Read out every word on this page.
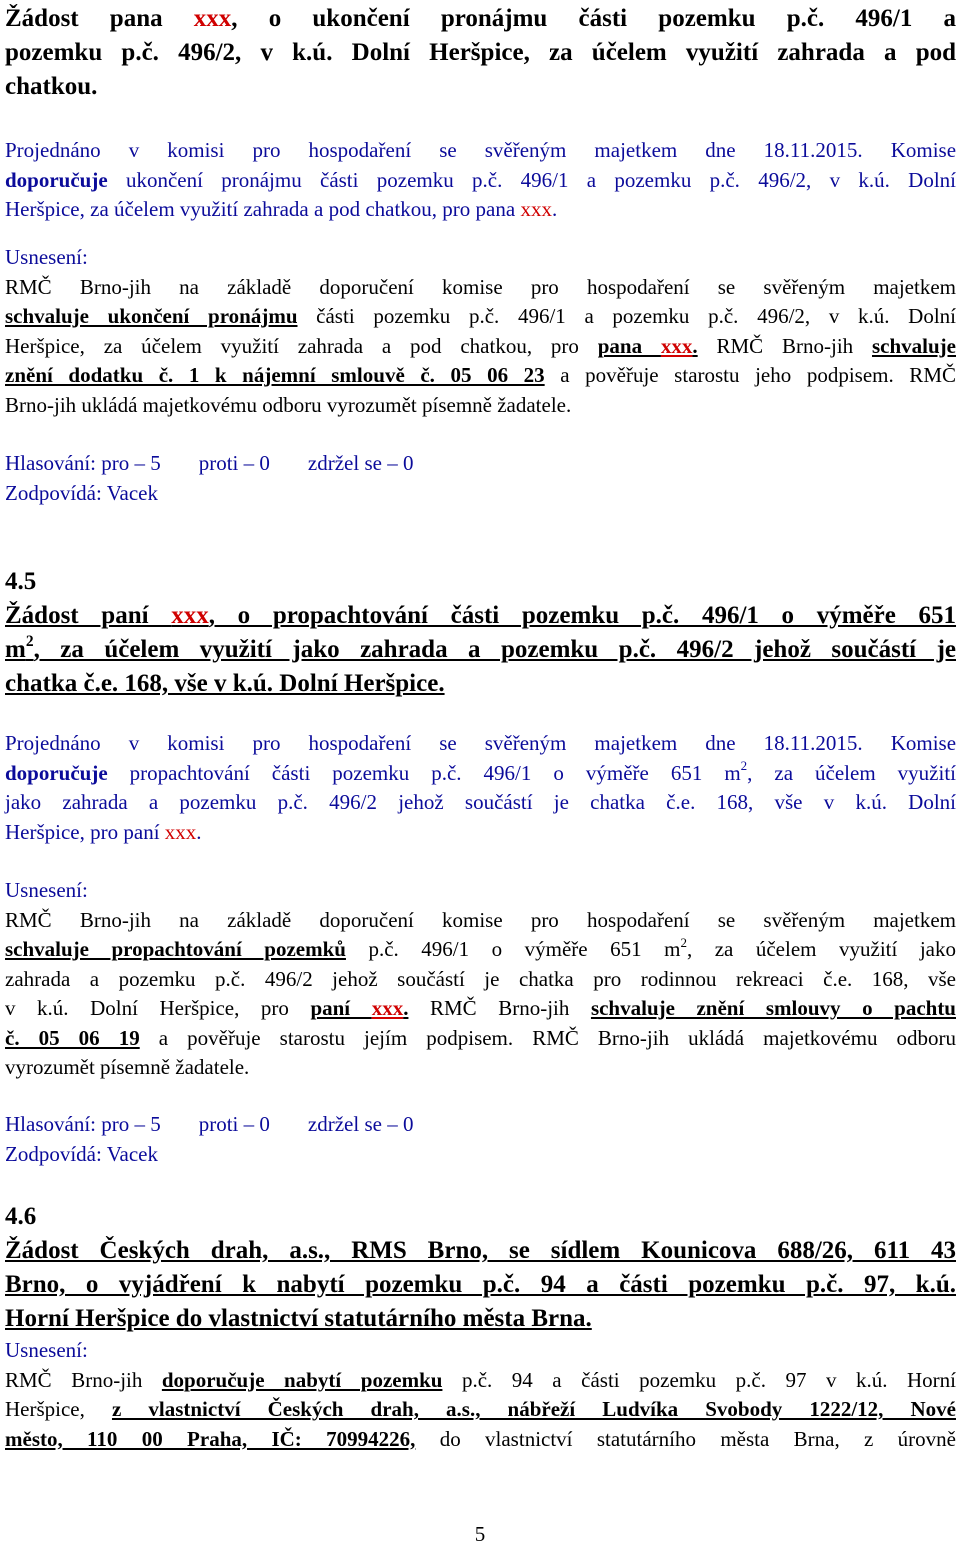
Žádost pana xxx, o ukončení pronájmu části pozemku p.č. 496/1 a
pozemku p.č. 496/2, v k.ú. Dolní Heršpice, za účelem využití zahrada a pod
chatkou.
Projednáno v komisi pro hospodaření se svěřeným majetkem dne 18.11.2015. Komise
doporučuje ukončení pronájmu části pozemku p.č. 496/1 a pozemku p.č. 496/2, v k.ú. Dolní
Heršpice, za účelem využití zahrada a pod chatkou, pro pana xxx.
Usnesení:
RMČ Brno-jih na základě doporučení komise pro hospodaření se svěřeným majetkem
schvaluje ukončení pronájmu části pozemku p.č. 496/1 a pozemku p.č. 496/2, v k.ú. Dolní
Heršpice, za účelem využití zahrada a pod chatkou, pro pana xxx. RMČ Brno-jih schvaluje
znění dodatku č. 1 k nájemní smlouvě č. 05 06 23 a pověřuje starostu jeho podpisem. RMČ
Brno-jih ukládá majetkovému odboru vyrozumět písemně žadatele.
Hlasování: pro – 5 proti – 0 zdržel se – 0
Zodpovídá: Vacek
4.5
Žádost paní xxx, o propachtování části pozemku p.č. 496/1 o výměře 651
$m^2$, za účelem využití jako zahrada a pozemku p.č. 496/2 jehož součástí je
chatka č.e. 168, vše v k.ú. Dolní Heršpice.
Projednáno v komisi pro hospodaření se svěřeným majetkem dne 18.11.2015. Komise
doporučuje propachtování části pozemku p.č. 496/1 o výměře 651 $m^2$, za účelem využití
jako zahrada a pozemku p.č. 496/2 jehož součástí je chatka č.e. 168, vše v k.ú. Dolní
Heršpice, pro paní xxx.
Usnesení:
RMČ Brno-jih na základě doporučení komise pro hospodaření se svěřeným majetkem
schvaluje propachtování pozemků p.č. 496/1 o výměře 651 $m^2$, za účelem využití jako
zahrada a pozemku p.č. 496/2 jehož součástí je chatka pro rodinnou rekreaci č.e. 168, vše
v k.ú. Dolní Heršpice, pro paní xxx. RMČ Brno-jih schvaluje znění smlouvy o pachtu
č. 05 06 19 a pověřuje starostu jejím podpisem. RMČ Brno-jih ukládá majetkovému odboru
vyrozumět písemně žadatele.
Hlasování: pro – 5 proti – 0 zdržel se – 0
Zodpovídá: Vacek
4.6
Žádost Českých drah, a.s., RMS Brno, se sídlem Kounicova 688/26, 611 43
Brno, o vyjádření k nabytí pozemku p.č. 94 a části pozemku p.č. 97, k.ú.
Horní Heršpice do vlastnictví statutárního města Brna.
Usnesení:
RMČ Brno-jih doporučuje nabytí pozemku p.č. 94 a části pozemku p.č. 97 v k.ú. Horní
Heršpice, z vlastnictví Českých drah, a.s., nábřeží Ludvíka Svobody 1222/12, Nové
město, 110 00 Praha, IČ: 70994226, do vlastnictví statutárního města Brna, z úrovně
5
